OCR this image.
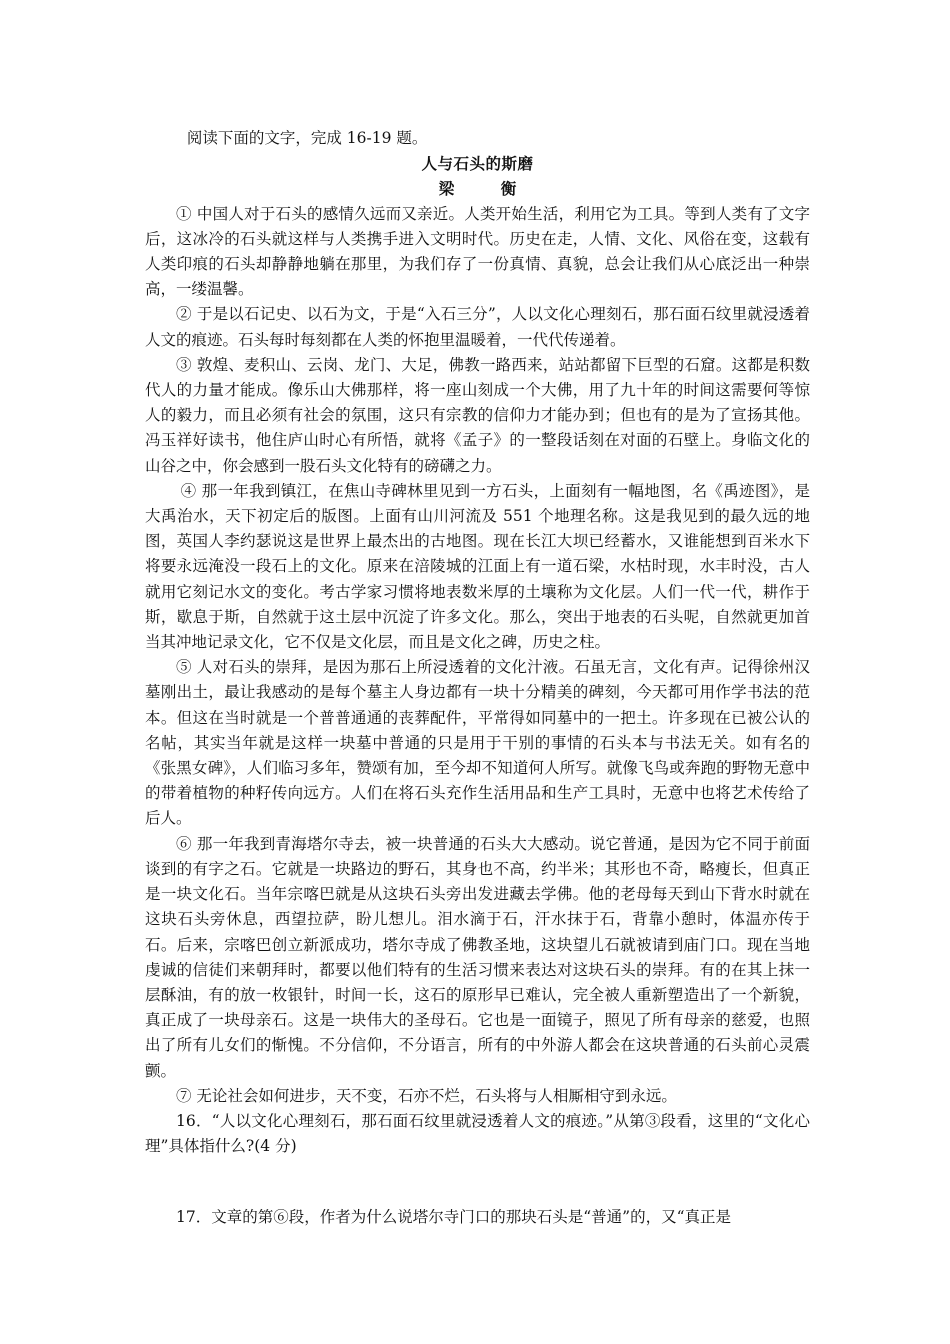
阅读下面的文字，完成 16-19 题。

人与石头的斯磨

梁　衡

① 中国人对于石头的感情久远而又亲近。人类开始生活，利用它为工具。等到人类有了文字后，这冰冷的石头就这样与人类携手进入文明时代。历史在走，人情、文化、风俗在变，这载有人类印痕的石头却静静地躺在那里，为我们存了一份真情、真貌，总会让我们从心底泛出一种崇高，一缕温馨。

② 于是以石记史、以石为文，于是“入石三分”，人以文化心理刻石，那石面石纹里就浸透着人文的痕迹。石头每时每刻都在人类的怀抱里温暖着，一代代传递着。

③ 敦煌、麦积山、云岗、龙门、大足，佛教一路西来，站站都留下巨型的石窟。这都是积数代人的力量才能成。像乐山大佛那样，将一座山刻成一个大佛，用了九十年的时间这需要何等惊人的毅力，而且必须有社会的氛围，这只有宗教的信仰力才能办到；但也有的是为了宣扬其他。冯玉祥好读书，他住庐山时心有所悟，就将《孟子》的一整段话刻在对面的石壁上。身临文化的山谷之中，你会感到一股石头文化特有的磅礴之力。

④ 那一年我到镇江，在焦山寺碑林里见到一方石头，上面刻有一幅地图，名《禹迹图》，是大禹治水，天下初定后的版图。上面有山川河流及 551 个地理名称。这是我见到的最久远的地图，英国人李约瑟说这是世界上最杰出的古地图。现在长江大坝已经蓄水，又谁能想到百米水下将要永远淹没一段石上的文化。原来在涪陵城的江面上有一道石梁，水枯时现，水丰时没，古人就用它刻记水文的变化。考古学家习惯将地表数米厚的土壤称为文化层。人们一代一代，耕作于斯，歇息于斯，自然就于这土层中沉淀了许多文化。那么，突出于地表的石头呢，自然就更加首当其冲地记录文化，它不仅是文化层，而且是文化之碑，历史之柱。

⑤ 人对石头的崇拜，是因为那石上所浸透着的文化汁液。石虽无言，文化有声。记得徐州汉墓刚出土，最让我感动的是每个墓主人身边都有一块十分精美的碑刻，今天都可用作学书法的范本。但这在当时就是一个普普通通的丧葬配件，平常得如同墓中的一把土。许多现在已被公认的名帖，其实当年就是这样一块墓中普通的只是用于干别的事情的石头本与书法无关。如有名的《张黑女碑》，人们临习多年，赞颂有加，至今却不知道何人所写。就像飞鸟或奔跑的野物无意中的带着植物的种籽传向远方。人们在将石头充作生活用品和生产工具时，无意中也将艺术传给了后人。

⑥ 那一年我到青海塔尔寺去，被一块普通的石头大大感动。说它普通，是因为它不同于前面谈到的有字之石。它就是一块路边的野石，其身也不高，约半米；其形也不奇，略瘦长，但真正是一块文化石。当年宗喀巴就是从这块石头旁出发进藏去学佛。他的老母每天到山下背水时就在这块石头旁休息，西望拉萨，盼儿想儿。泪水滴于石，汗水抹于石，背靠小憩时，体温亦传于石。后来，宗喀巴创立新派成功，塔尔寺成了佛教圣地，这块望儿石就被请到庙门口。现在当地虔诚的信徒们来朝拜时，都要以他们特有的生活习惯来表达对这块石头的崇拜。有的在其上抹一层酥油，有的放一枚银针，时间一长，这石的原形早已难认，完全被人重新塑造出了一个新貌，真正成了一块母亲石。这是一块伟大的圣母石。它也是一面镜子，照见了所有母亲的慈爱，也照出了所有儿女们的惭愧。不分信仰，不分语言，所有的中外游人都会在这块普通的石头前心灵震颤。

⑦ 无论社会如何进步，天不变，石亦不烂，石头将与人相厮相守到永远。

16．“人以文化心理刻石，那石面石纹里就浸透着人文的痕迹。”从第③段看，这里的“文化心理”具体指什么?(4 分)

17．文章的第⑥段，作者为什么说塔尔寺门口的那块石头是“普通”的，又“真正是
